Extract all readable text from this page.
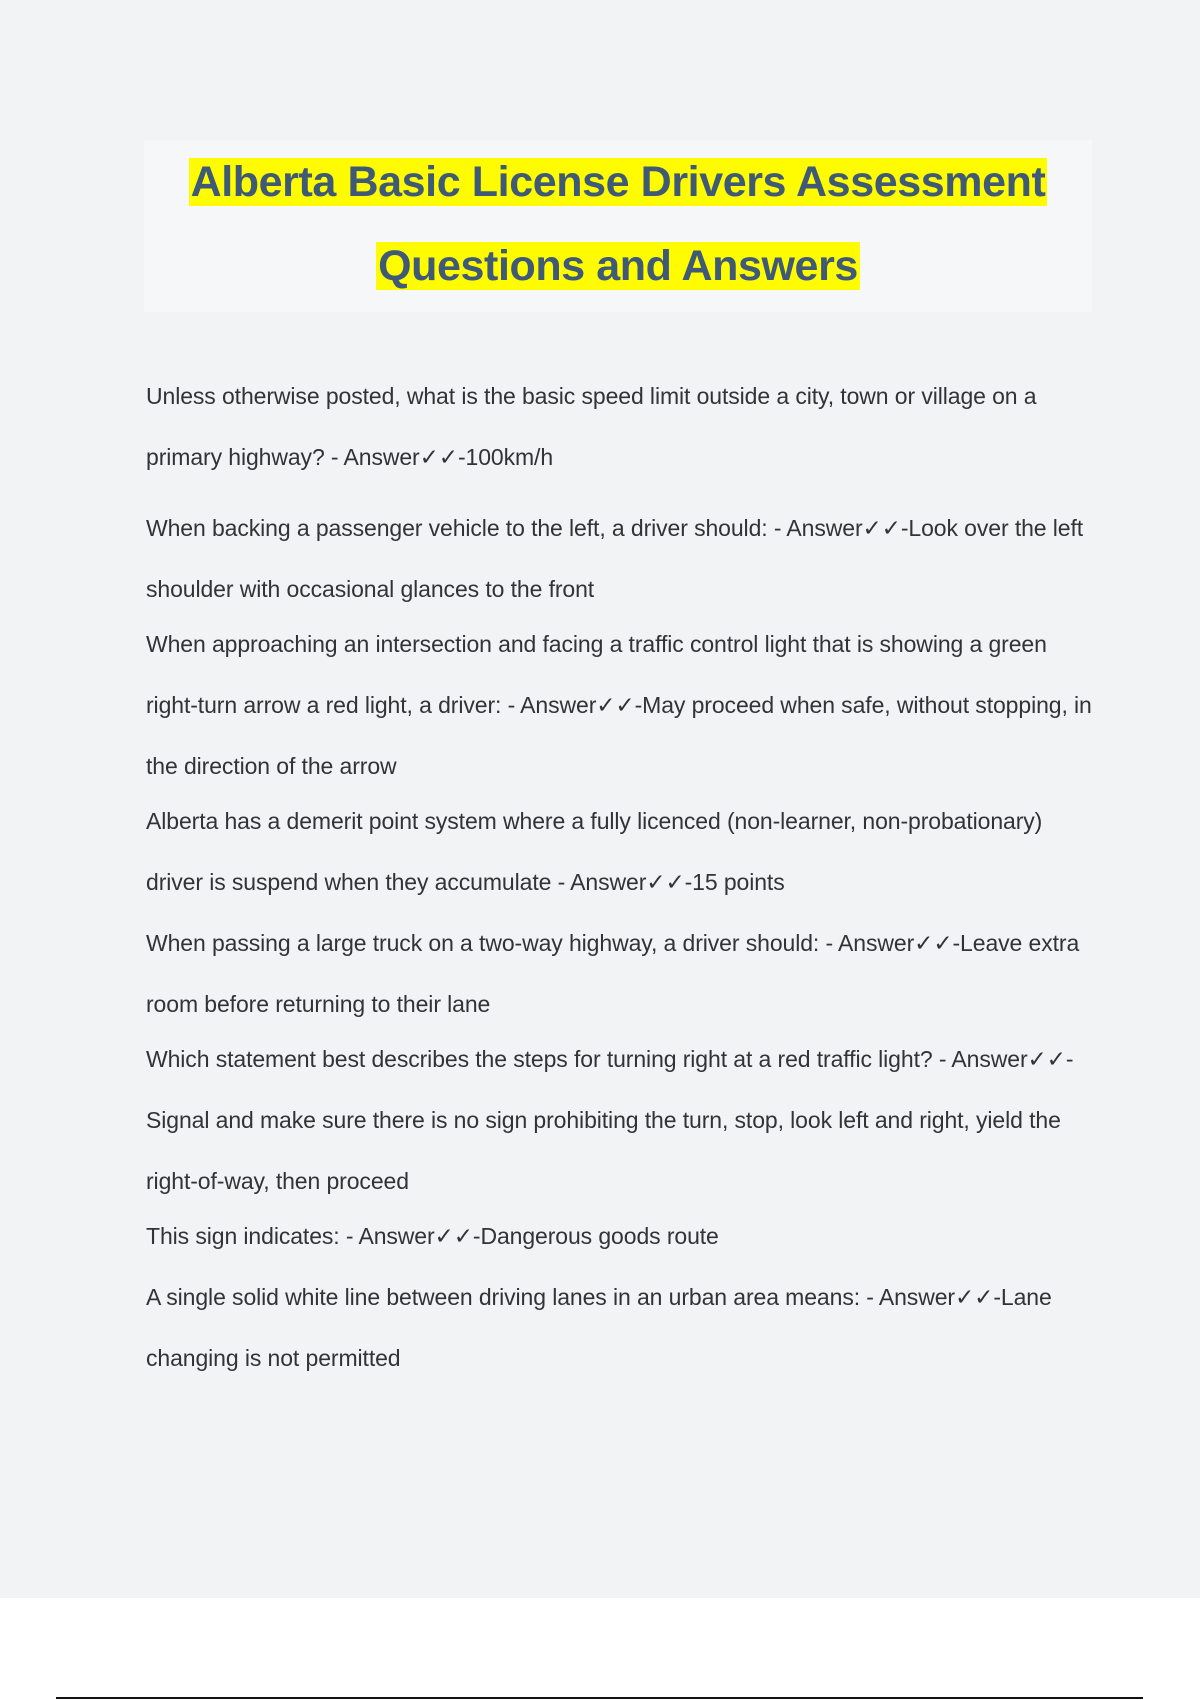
Alberta Basic License Drivers Assessment
Questions and Answers

Unless otherwise posted, what is the basic speed limit outside a city, town or village on a primary highway? - Answer✓✓-100km/h

When backing a passenger vehicle to the left, a driver should: - Answer✓✓-Look over the left shoulder with occasional glances to the front

When approaching an intersection and facing a traffic control light that is showing a green right-turn arrow a red light, a driver: - Answer✓✓-May proceed when safe, without stopping, in the direction of the arrow

Alberta has a demerit point system where a fully licenced (non-learner, non-probationary) driver is suspend when they accumulate - Answer✓✓-15 points

When passing a large truck on a two-way highway, a driver should: - Answer✓✓-Leave extra room before returning to their lane

Which statement best describes the steps for turning right at a red traffic light? - Answer✓✓-Signal and make sure there is no sign prohibiting the turn, stop, look left and right, yield the right-of-way, then proceed

This sign indicates: - Answer✓✓-Dangerous goods route

A single solid white line between driving lanes in an urban area means: - Answer✓✓-Lane changing is not permitted
